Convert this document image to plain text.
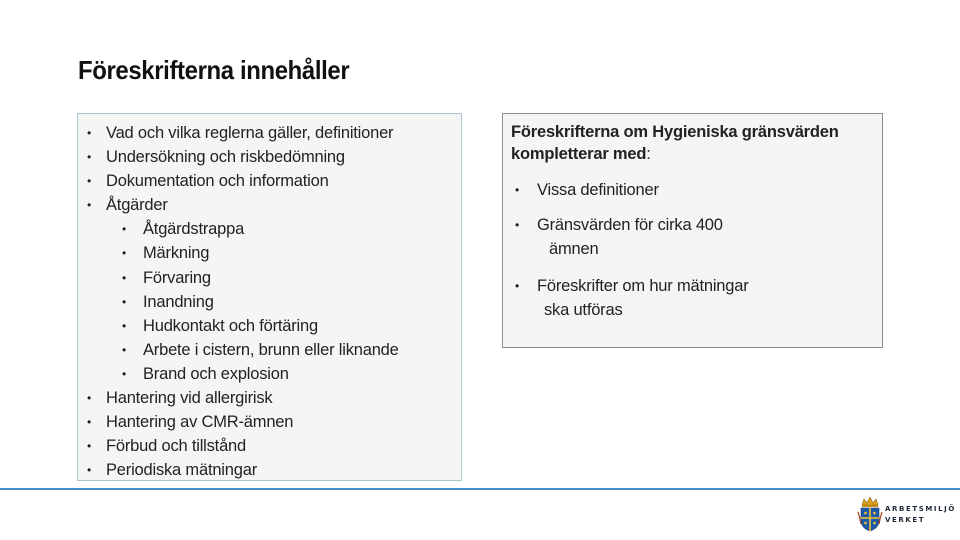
Föreskrifterna innehåller
• Vad och vilka reglerna gäller, definitioner
• Undersökning och riskbedömning
• Dokumentation och information
• Åtgärder
• Åtgärdstrappa
• Märkning
• Förvaring
• Inandning
• Hudkontakt och förtäring
• Arbete i cistern, brunn eller liknande
• Brand och explosion
• Hantering vid allergirisk
• Hantering av CMR-ämnen
• Förbud och tillstånd
• Periodiska mätningar

Föreskrifterna om Hygieniska gränsvärden
kompletterar med:

• Vissa definitioner
• Gränsvärden för cirka 400
ämnen
• Föreskrifter om hur mätningar
ska utföras
ARBETSMILJÖ
VERKET
